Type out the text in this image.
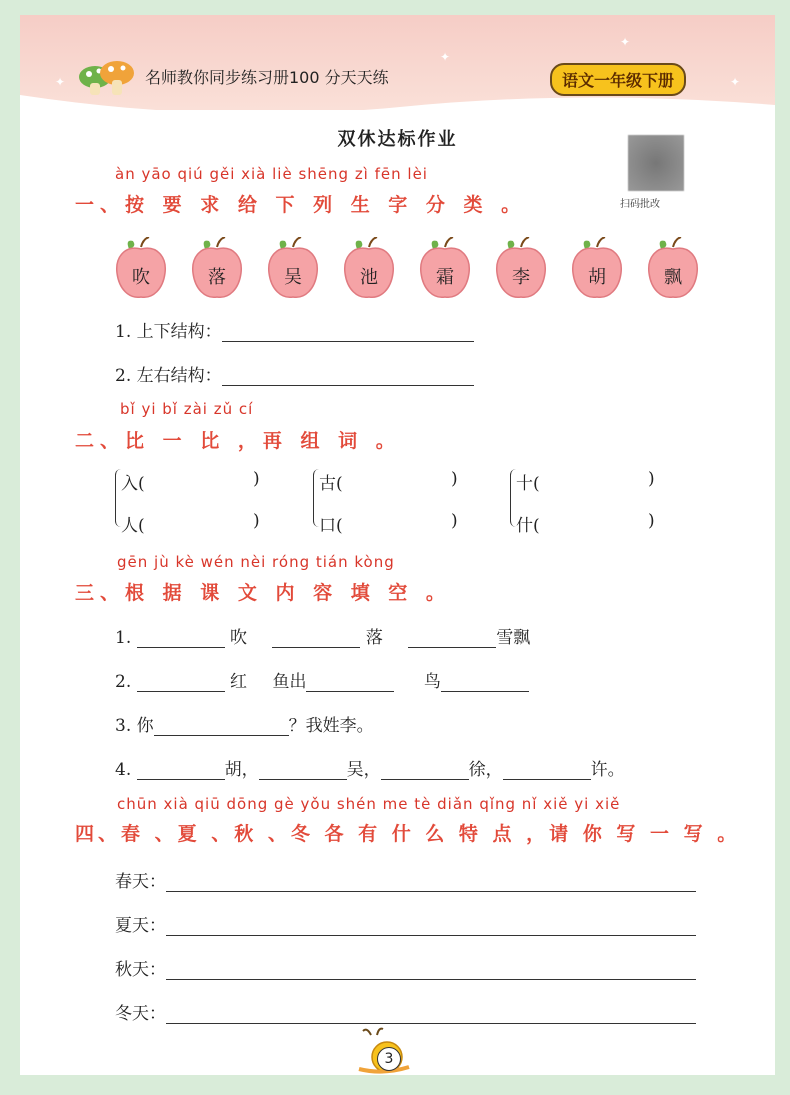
✦
✦
✦
✦
名师教你同步练习册100 分天天练	语文一年级下册
双休达标作业
扫码批改
àn yāo qiú gěi xià liè shēng zì fēn lèi
一、按 要 求 给 下 列 生 字 分 类 。
吹	落	吴	池	霜	李	胡	飘
1. 上下结构：
2. 左右结构：
bǐ yi bǐ zài zǔ cí
二、比 一 比 ，再 组 词 。
入(	)
人(	)
古(	)
口(	)
十(	)
什(	)
gēn jù kè wén nèi róng tián kòng
三、根 据 课 文 内 容 填 空 。
1.	吹	落	雪飘
2.	红 鱼出	鸟
3. 你	？我姓李。
4.	胡，	吴，	徐，	许。
chūn xià qiū dōng gè yǒu shén me tè diǎn qǐng nǐ xiě yi xiě
四、春 、夏 、秋 、冬 各 有 什 么 特 点 ，请 你 写 一 写 。
春天：
夏天：
秋天：
冬天：
3
